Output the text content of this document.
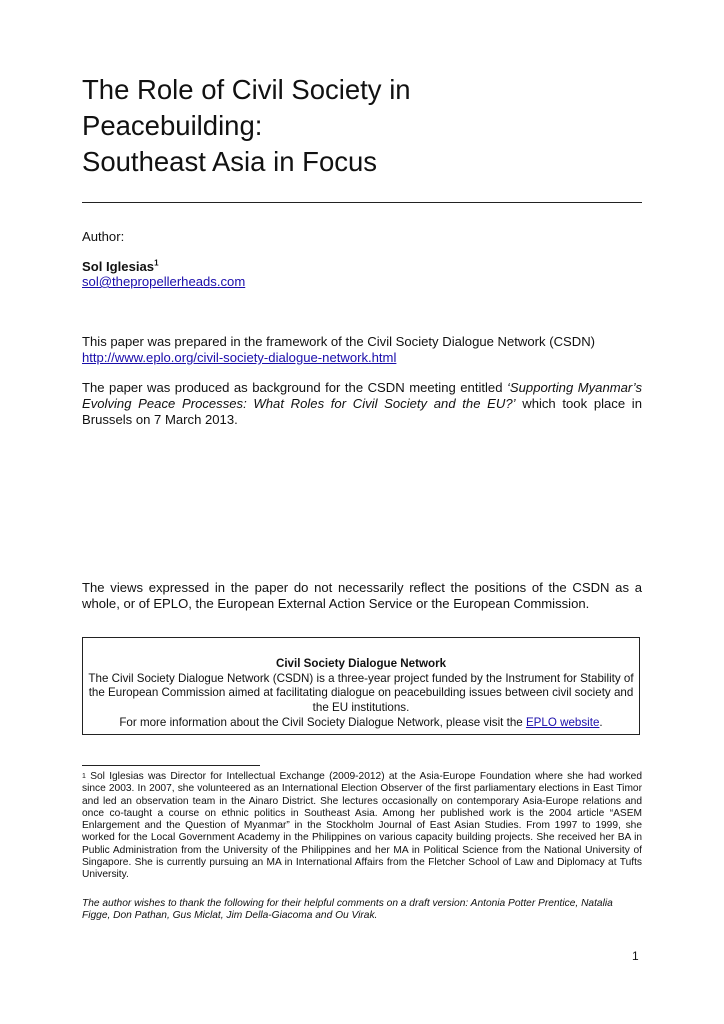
The Role of Civil Society in
Peacebuilding:
Southeast Asia in Focus
Author:
Sol Iglesias$^1$
sol@thepropellerheads.com
This paper was prepared in the framework of the Civil Society Dialogue Network (CSDN)
http://www.eplo.org/civil-society-dialogue-network.html
The paper was produced as background for the CSDN meeting entitled ‘Supporting Myanmar’s Evolving Peace Processes: What Roles for Civil Society and the EU?’ which took place in Brussels on 7 March 2013.
The views expressed in the paper do not necessarily reflect the positions of the CSDN as a whole, or of EPLO, the European External Action Service or the European Commission.
Civil Society Dialogue Network
The Civil Society Dialogue Network (CSDN) is a three-year project funded by the Instrument for Stability of the European Commission aimed at facilitating dialogue on peacebuilding issues between civil society and the EU institutions.
For more information about the Civil Society Dialogue Network, please visit the EPLO website.
$^1$ Sol Iglesias was Director for Intellectual Exchange (2009-2012) at the Asia-Europe Foundation where she had worked since 2003. In 2007, she volunteered as an International Election Observer of the first parliamentary elections in East Timor and led an observation team in the Ainaro District. She lectures occasionally on contemporary Asia-Europe relations and once co-taught a course on ethnic politics in Southeast Asia. Among her published work is the 2004 article “ASEM Enlargement and the Question of Myanmar” in the Stockholm Journal of East Asian Studies. From 1997 to 1999, she worked for the Local Government Academy in the Philippines on various capacity building projects. She received her BA in Public Administration from the University of the Philippines and her MA in Political Science from the National University of Singapore. She is currently pursuing an MA in International Affairs from the Fletcher School of Law and Diplomacy at Tufts University.
The author wishes to thank the following for their helpful comments on a draft version: Antonia Potter Prentice, Natalia Figge, Don Pathan, Gus Miclat, Jim Della-Giacoma and Ou Virak.
1
